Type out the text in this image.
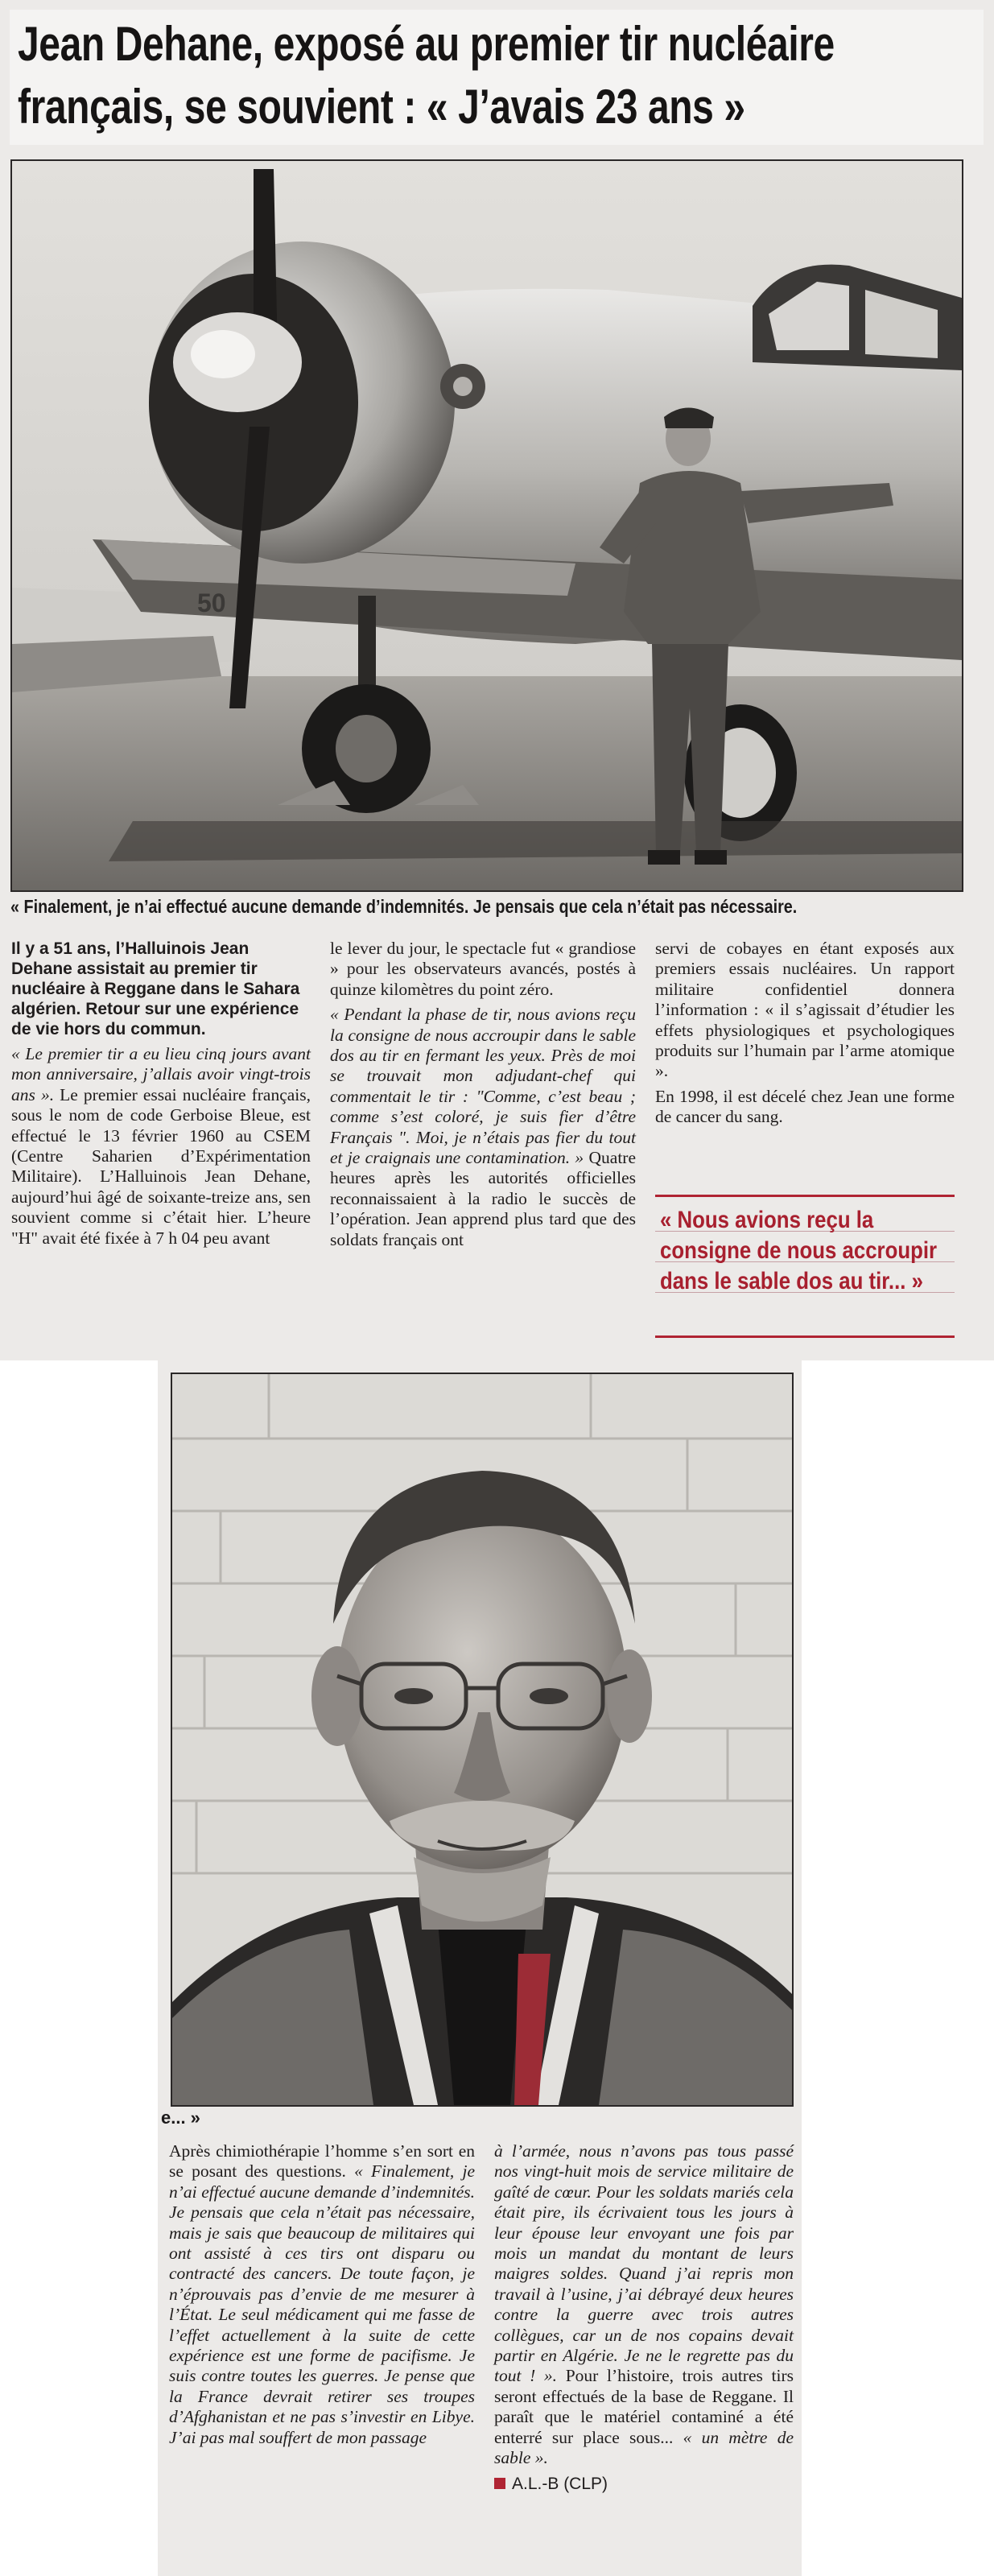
Jean Dehane, exposé au premier tir nucléaire
français, se souvient : « J’avais 23 ans »
50
« Finalement, je n’ai effectué aucune demande d’indemnités. Je pensais que cela n’était pas nécessaire.

Il y a 51 ans, l’Halluinois Jean Dehane assistait au premier tir nucléaire à Reggane dans le Sahara algérien. Retour sur une expérience de vie hors du commun.

« Le premier tir a eu lieu cinq jours avant mon anniversaire, j’allais avoir vingt-trois ans ». Le premier essai nucléaire français, sous le nom de code Gerboise Bleue, est effectué le 13 février 1960 au CSEM (Centre Saharien d’Expérimentation Militaire). L’Halluinois Jean Dehane, aujourd’hui âgé de soixante-treize ans, sen souvient comme si c’était hier. L’heure "H" avait été fixée à 7 h 04 peu avant

le lever du jour, le spectacle fut « grandiose » pour les observateurs avancés, postés à quinze kilomètres du point zéro.

« Pendant la phase de tir, nous avions reçu la consigne de nous accroupir dans le sable dos au tir en fermant les yeux. Près de moi se trouvait mon adjudant-chef qui commentait le tir : "Comme, c’est beau ; comme s’est coloré, je suis fier d’être Français ". Moi, je n’étais pas fier du tout et je craignais une contamination. » Quatre heures après les autorités officielles reconnaissaient à la radio le succès de l’opération. Jean apprend plus tard que des soldats français ont

servi de cobayes en étant exposés aux premiers essais nucléaires. Un rapport militaire confidentiel donnera l’information : « il s’agissait d’étudier les effets physiologiques et psychologiques produits sur l’humain par l’arme atomique ».

En 1998, il est décelé chez Jean une forme de cancer du sang.

« Nous avions reçu la consigne de nous accroupir dans le sable dos au tir... »
e... »

Après chimiothérapie l’homme s’en sort en se posant des questions. « Finalement, je n’ai effectué aucune demande d’indemnités. Je pensais que cela n’était pas nécessaire, mais je sais que beaucoup de militaires qui ont assisté à ces tirs ont disparu ou contracté des cancers. De toute façon, je n’éprouvais pas d’envie de me mesurer à l’État. Le seul médicament qui me fasse de l’effet actuellement à la suite de cette expérience est une forme de pacifisme. Je suis contre toutes les guerres. Je pense que la France devrait retirer ses troupes d’Afghanistan et ne pas s’investir en Libye. J’ai pas mal souffert de mon passage

à l’armée, nous n’avons pas tous passé nos vingt-huit mois de service militaire de gaîté de cœur. Pour les soldats mariés cela était pire, ils écrivaient tous les jours à leur épouse leur envoyant une fois par mois un mandat du montant de leurs maigres soldes. Quand j’ai repris mon travail à l’usine, j’ai débrayé deux heures contre la guerre avec trois autres collègues, car un de nos copains devait partir en Algérie. Je ne le regrette pas du tout ! ». Pour l’histoire, trois autres tirs seront effectués de la base de Reggane. Il paraît que le matériel contaminé a été enterré sur place sous... « un mètre de sable ».

A.L.-B (CLP)
